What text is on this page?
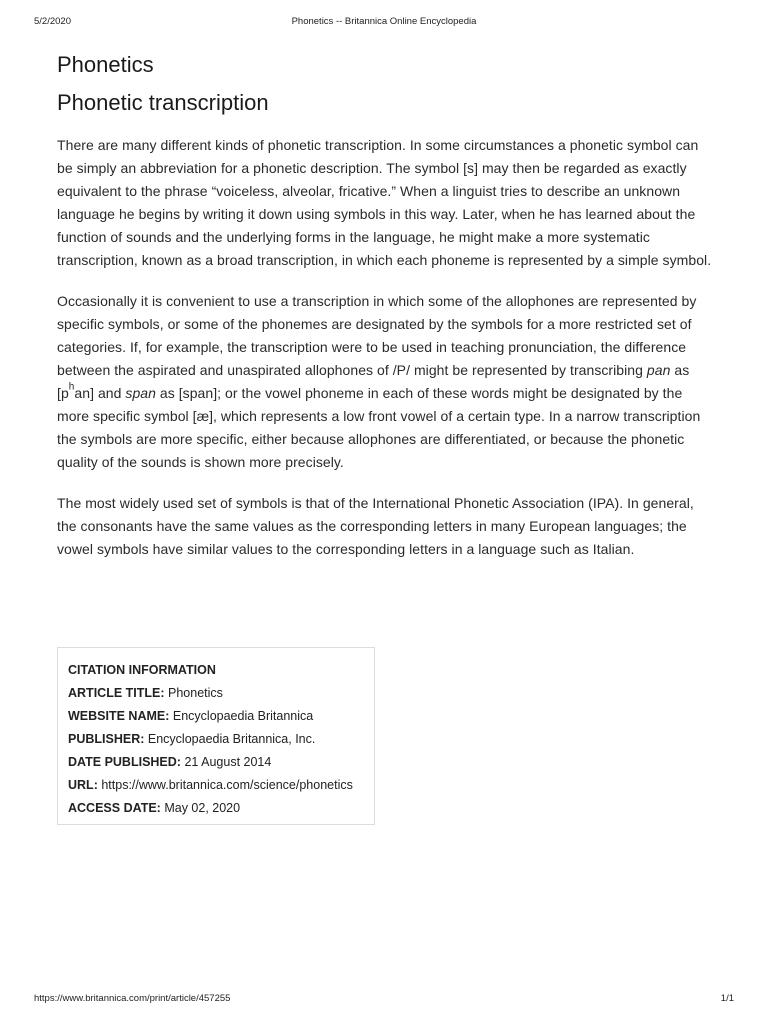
5/2/2020	Phonetics -- Britannica Online Encyclopedia
Phonetics
Phonetic transcription

There are many different kinds of phonetic transcription. In some circumstances a phonetic symbol can be simply an abbreviation for a phonetic description. The symbol [s] may then be regarded as exactly equivalent to the phrase “voiceless, alveolar, fricative.” When a linguist tries to describe an unknown language he begins by writing it down using symbols in this way. Later, when he has learned about the function of sounds and the underlying forms in the language, he might make a more systematic transcription, known as a broad transcription, in which each phoneme is represented by a simple symbol.

Occasionally it is convenient to use a transcription in which some of the allophones are represented by specific symbols, or some of the phonemes are designated by the symbols for a more restricted set of categories. If, for example, the transcription were to be used in teaching pronunciation, the difference between the aspirated and unaspirated allophones of /P/ might be represented by transcribing pan as $[p^han]$ and span as [span]; or the vowel phoneme in each of these words might be designated by the more specific symbol [æ], which represents a low front vowel of a certain type. In a narrow transcription the symbols are more specific, either because allophones are differentiated, or because the phonetic quality of the sounds is shown more precisely.

The most widely used set of symbols is that of the International Phonetic Association (IPA). In general, the consonants have the same values as the corresponding letters in many European languages; the vowel symbols have similar values to the corresponding letters in a language such as Italian.

CITATION INFORMATION
ARTICLE TITLE: Phonetics
WEBSITE NAME: Encyclopaedia Britannica
PUBLISHER: Encyclopaedia Britannica, Inc.
DATE PUBLISHED: 21 August 2014
URL: https://www.britannica.com/science/phonetics
ACCESS DATE: May 02, 2020
https://www.britannica.com/print/article/457255	1/1
